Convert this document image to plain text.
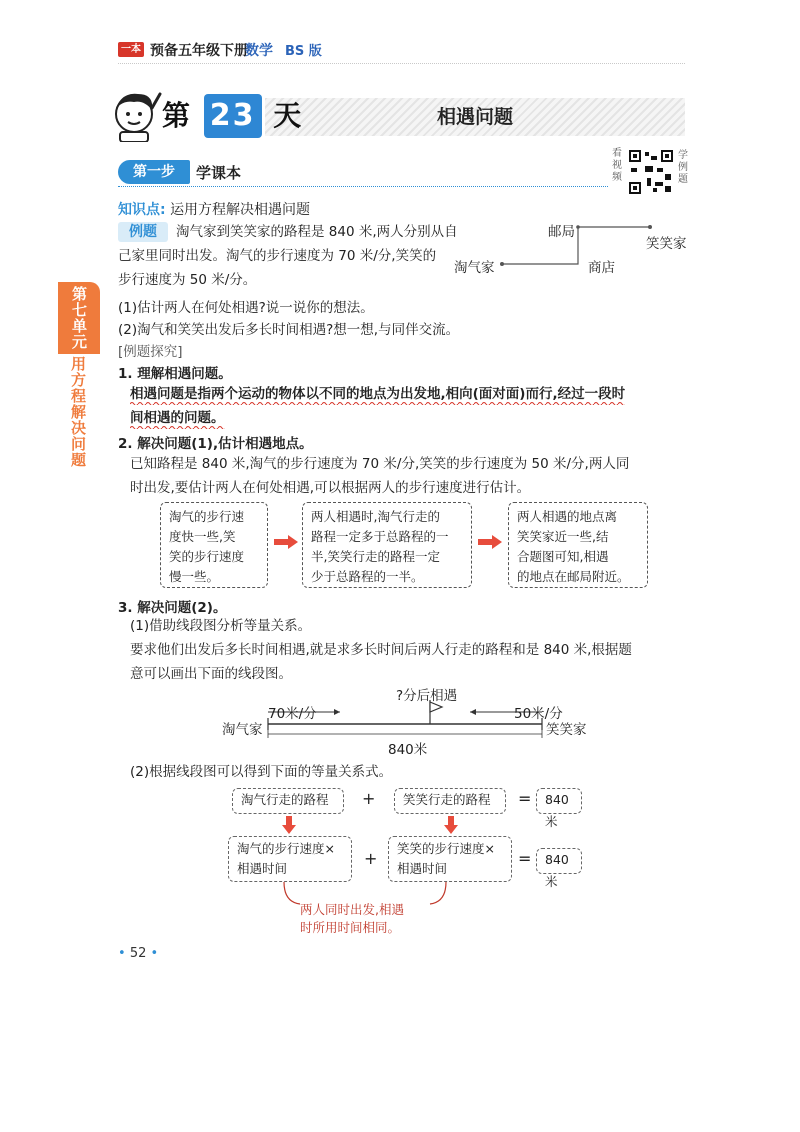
一本 预备五年级下册
数学 BS 版
相遇问题
第 23 天
第一步	学课本
看视频
学例题
知识点: 运用方程解决相遇问题
例题	淘气家到笑笑家的路程是 840 米,两人分别从自
己家里同时出发。淘气的步行速度为 70 米/分,笑笑的
步行速度为 50 米/分。
(1)估计两人在何处相遇?说一说你的想法。
(2)淘气和笑笑出发后多长时间相遇?想一想,与同伴交流。
[例题探究]
邮局
笑笑家
淘气家	商店
第七单元
用方程解决问题	1. 理解相遇问题。
相遇问题是指两个运动的物体以不同的地点为出发地,相向(面对面)而行,经过一段时
间相遇的问题。
2. 解决问题(1),估计相遇地点。
已知路程是 840 米,淘气的步行速度为 70 米/分,笑笑的步行速度为 50 米/分,两人同
时出发,要估计两人在何处相遇,可以根据两人的步行速度进行估计。
淘气的步行速
度快一些,笑
笑的步行速度
慢一些。
两人相遇时,淘气行走的
路程一定多于总路程的一
半,笑笑行走的路程一定
少于总路程的一半。
两人相遇的地点离
笑笑家近一些,结
合题图可知,相遇
的地点在邮局附近。
3. 解决问题(2)。
(1)借助线段图分析等量关系。
要求他们出发后多长时间相遇,就是求多长时间后两人行走的路程和是 840 米,根据题
意可以画出下面的线段图。
?分后相遇
70米/分	50米/分
淘气家	笑笑家
840米
(2)根据线段图可以得到下面的等量关系式。
淘气行走的路程	+	笑笑行走的路程	=	840米
淘气的步行速度×
相遇时间
+
笑笑的步行速度×
相遇时间
=	840米
两人同时出发,相遇
时所用时间相同。
• 52 •
